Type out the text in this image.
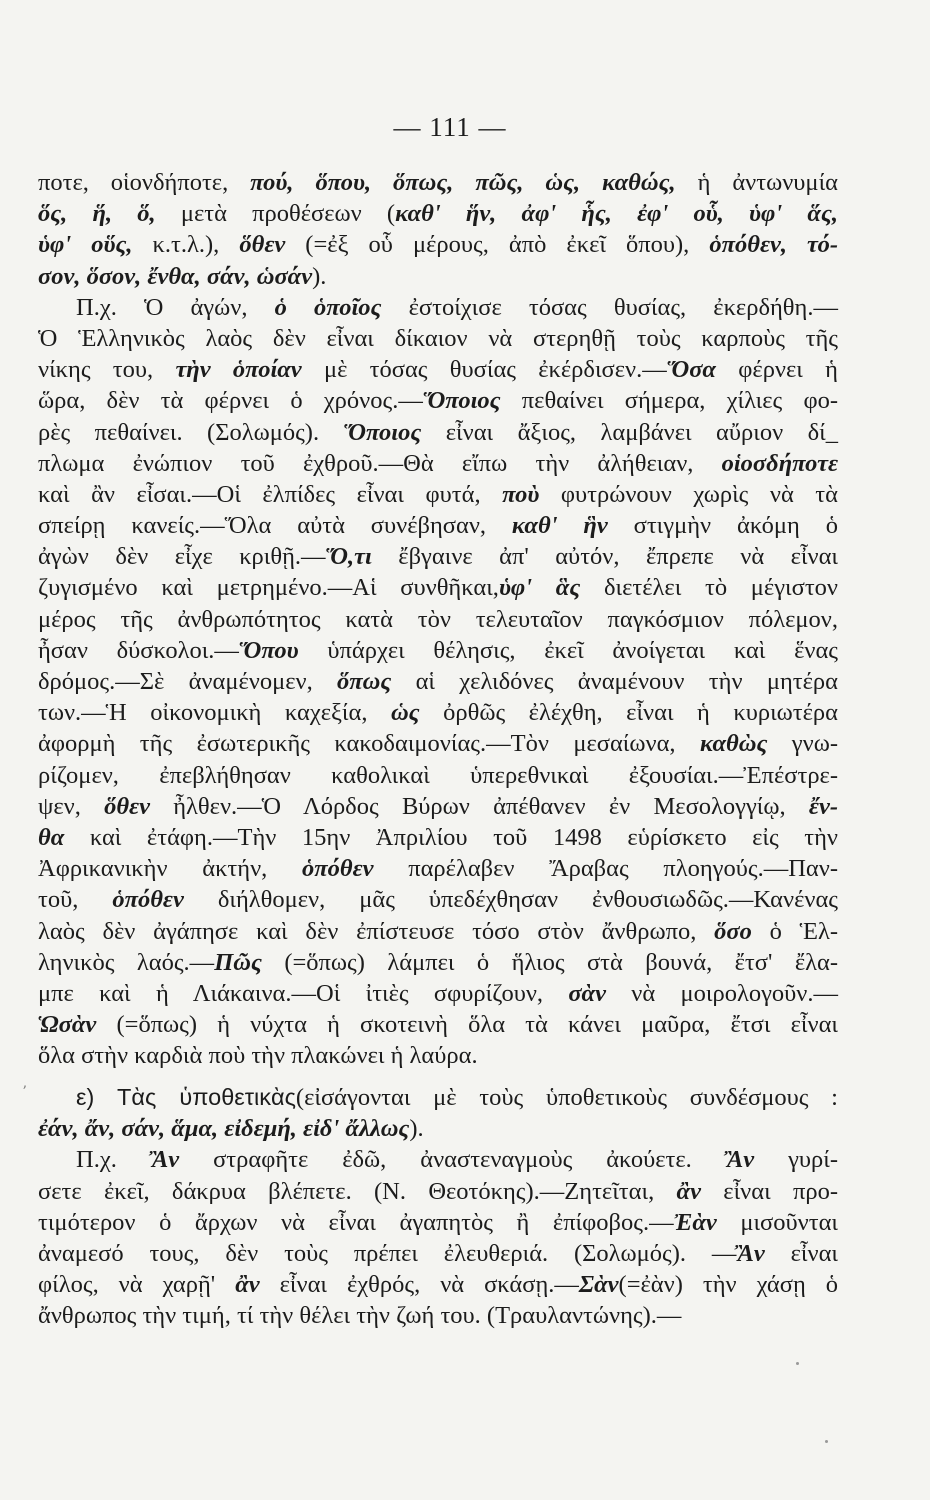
— 111 —
ποτε, οἱονδήποτε, πού, ὅπου, ὅπως, πῶς, ὡς, καθώς, ἡ ἀντωνυμία
ὅς, ἥ, ὅ, μετὰ προθέσεων (καθ' ἥν, ἀφ' ἧς, ἐφ' οὗ, ὑφ' ἅς,
ὑφ' οὕς, κ.τ.λ.), ὅθεν (=ἐξ οὗ μέρους, ἀπὸ ἐκεῖ ὅπου), ὁπόθεν, τό-
σον, ὅσον, ἔνθα, σάν, ὡσάν).
Π.χ. Ὁ ἀγών, ὁ ὁποῖος ἐστοίχισε τόσας θυσίας, ἐκερδήθη.—
Ὁ Ἑλληνικὸς λαὸς δὲν εἶναι δίκαιον νὰ στερηθῇ τοὺς καρποὺς τῆς
νίκης του, τὴν ὁποίαν μὲ τόσας θυσίας ἐκέρδισεν.—Ὅσα φέρνει ἡ
ὥρα, δὲν τὰ φέρνει ὁ χρόνος.—Ὅποιος πεθαίνει σήμερα, χίλιες φο-
ρὲς πεθαίνει. (Σολωμός). Ὅποιος εἶναι ἄξιος, λαμβάνει αὔριον δί_
πλωμα ἐνώπιον τοῦ ἐχθροῦ.—Θὰ εἴπω τὴν ἀλήθειαν, οἱοσδήποτε
καὶ ἂν εἶσαι.—Οἱ ἐλπίδες εἶναι φυτά, ποὺ φυτρώνουν χωρὶς νὰ τὰ
σπείρῃ κανείς.—Ὅλα αὐτὰ συνέβησαν, καθ' ἣν στιγμὴν ἀκόμη ὁ
ἀγὼν δὲν εἶχε κριθῇ.—Ὅ,τι ἔβγαινε ἀπ' αὐτόν, ἔπρεπε νὰ εἶναι
ζυγισμένο καὶ μετρημένο.—Αἱ συνθῆκαι,ὑφ' ἃς διετέλει τὸ μέγιστον
μέρος τῆς ἀνθρωπότητος κατὰ τὸν τελευταῖον παγκόσμιον πόλεμον,
ἦσαν δύσκολοι.—Ὅπου ὑπάρχει θέλησις, ἐκεῖ ἀνοίγεται καὶ ἕνας
δρόμος.—Σὲ ἀναμένομεν, ὅπως αἱ χελιδόνες ἀναμένουν τὴν μητέρα
των.—Ἡ οἰκονομικὴ καχεξία, ὡς ὀρθῶς ἐλέχθη, εἶναι ἡ κυριωτέρα
ἀφορμὴ τῆς ἐσωτερικῆς κακοδαιμονίας.—Τὸν μεσαίωνα, καθὼς γνω-
ρίζομεν, ἐπεβλήθησαν καθολικαὶ ὑπερεθνικαὶ ἐξουσίαι.—Ἐπέστρε-
ψεν, ὅθεν ἦλθεν.—Ὁ Λόρδος Βύρων ἀπέθανεν ἐν Μεσολογγίῳ, ἔν-
θα καὶ ἐτάφη.—Τὴν 15ην Ἀπριλίου τοῦ 1498 εὑρίσκετο εἰς τὴν
Ἀφρικανικὴν ἀκτήν, ὁπόθεν παρέλαβεν Ἄραβας πλοηγούς.—Παν-
τοῦ, ὁπόθεν διήλθομεν, μᾶς ὑπεδέχθησαν ἐνθουσιωδῶς.—Κανένας
λαὸς δὲν ἀγάπησε καὶ δὲν ἐπίστευσε τόσο στὸν ἄνθρωπο, ὅσο ὁ Ἑλ-
ληνικὸς λαός.—Πῶς (=ὅπως) λάμπει ὁ ἥλιος στὰ βουνά, ἔτσ' ἔλα-
μπε καὶ ἡ Λιάκαινα.—Οἱ ἰτιὲς σφυρίζουν, σὰν νὰ μοιρολογοῦν.—
Ὡσὰν (=ὅπως) ἡ νύχτα ἡ σκοτεινὴ ὅλα τὰ κάνει μαῦρα, ἔτσι εἶναι
ὅλα στὴν καρδιὰ ποὺ τὴν πλακώνει ἡ λαύρα.
ε) Τὰς ὑποθετικὰς(εἰσάγονται μὲ τοὺς ὑποθετικοὺς συνδέσμους :
ἐάν, ἄν, σάν, ἅμα, εἰδεμή, εἰδ' ἄλλως).
Π.χ. Ἂν στραφῆτε ἐδῶ, ἀναστεναγμοὺς ἀκούετε. Ἂν γυρί-
σετε ἐκεῖ, δάκρυα βλέπετε. (Ν. Θεοτόκης).—Ζητεῖται, ἂν εἶναι προ-
τιμότερον ὁ ἄρχων νὰ εἶναι ἀγαπητὸς ἢ ἐπίφοβος.—Ἐὰν μισοῦνται
ἀναμεσό τους, δὲν τοὺς πρέπει ἐλευθεριά. (Σολωμός). —Ἂν εἶναι
φίλος, νὰ χαρῇ' ἂν εἶναι ἐχθρός, νὰ σκάσῃ.—Σὰν(=ἐὰν) τὴν χάσῃ ὁ
ἄνθρωπος τὴν τιμή, τί τὴν θέλει τὴν ζωή του. (Τραυλαντώνης).—
ʼ
